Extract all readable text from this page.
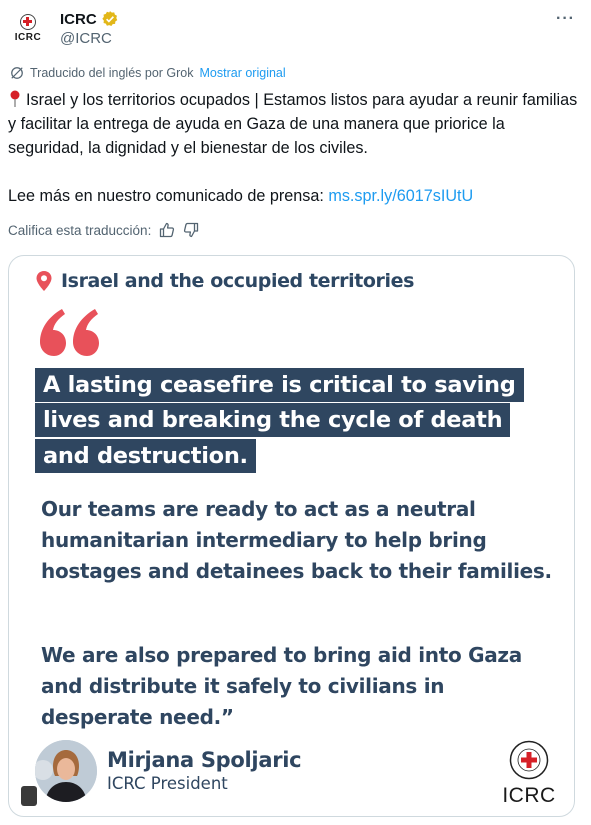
ICRC
ICRC
@ICRC
···
Traducido del inglés por Grok Mostrar original

Israel y los territorios ocupados | Estamos listos para ayudar a reunir familias y facilitar la entrega de ayuda en Gaza de una manera que priorice la seguridad, la dignidad y el bienestar de los civiles.

Lee más en nuestro comunicado de prensa: ms.spr.ly/6017sIUtU

Califica esta traducción:
Israel and the occupied territories
A lasting ceasefire is critical to saving
lives and breaking the cycle of death
and destruction.
Our teams are ready to act as a neutral humanitarian intermediary to help bring hostages and detainees back to their families.
We are also prepared to bring aid into Gaza and distribute it safely to civilians in desperate need.”
Mirjana Spoljaric
ICRC President
ICRC
